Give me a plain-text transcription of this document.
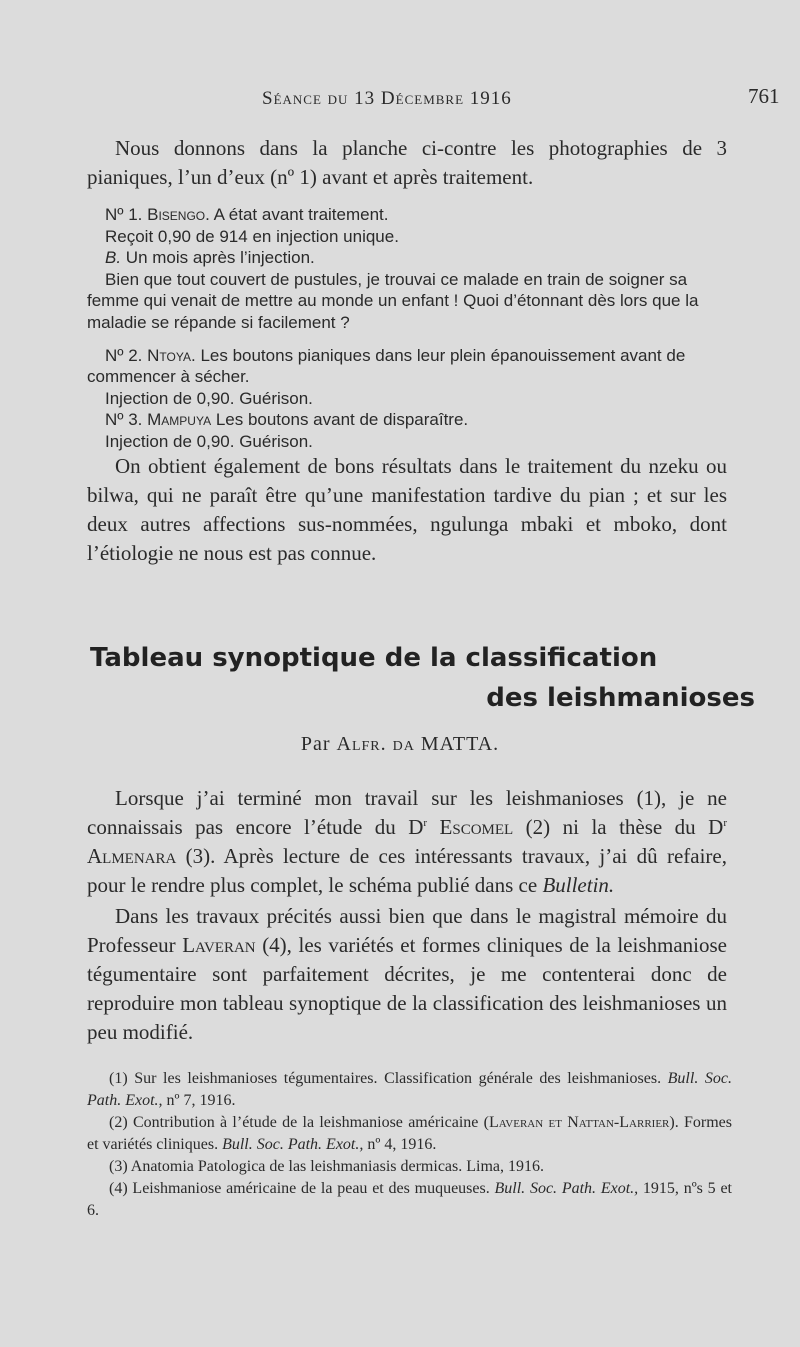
Séance du 13 Décembre 1916	761

Nous donnons dans la planche ci-contre les photographies de 3 pianiques, l’un d’eux (nº 1) avant et après traitement.

Nº 1. Bisengo. A état avant traitement.

Reçoit 0,90 de 914 en injection unique.

B. Un mois après l’injection.

Bien que tout couvert de pustules, je trouvai ce malade en train de soigner sa femme qui venait de mettre au monde un enfant ! Quoi d’étonnant dès lors que la maladie se répande si facilement ?

Nº 2. Ntoya. Les boutons pianiques dans leur plein épanouissement avant de commencer à sécher.

Injection de 0,90. Guérison.

Nº 3. Mampuya Les boutons avant de disparaître.

Injection de 0,90. Guérison.

On obtient également de bons résultats dans le traitement du nzeku ou bilwa, qui ne paraît être qu’une manifestation tardive du pian ; et sur les deux autres affections sus-nommées, ngulunga mbaki et mboko, dont l’étiologie ne nous est pas connue.

Tableau synoptique de la classification
des leishmanioses
Par Alfr. da MATTA.

Lorsque j’ai terminé mon travail sur les leishmanioses (1), je ne connaissais pas encore l’étude du $D^r$ Escomel (2) ni la thèse du $D^r$ Almenara (3). Après lecture de ces intéressants travaux, j’ai dû refaire, pour le rendre plus complet, le schéma publié dans ce Bulletin.

Dans les travaux précités aussi bien que dans le magistral mémoire du Professeur Laveran (4), les variétés et formes cliniques de la leishmaniose tégumentaire sont parfaitement décrites, je me contenterai donc de reproduire mon tableau synoptique de la classification des leishmanioses un peu modifié.

(1) Sur les leishmanioses tégumentaires. Classification générale des leishmanioses. Bull. Soc. Path. Exot., nº 7, 1916.

(2) Contribution à l’étude de la leishmaniose américaine (Laveran et Nattan-Larrier). Formes et variétés cliniques. Bull. Soc. Path. Exot., nº 4, 1916.

(3) Anatomia Patologica de las leishmaniasis dermicas. Lima, 1916.

(4) Leishmaniose américaine de la peau et des muqueuses. Bull. Soc. Path. Exot., 1915, nºs 5 et 6.
